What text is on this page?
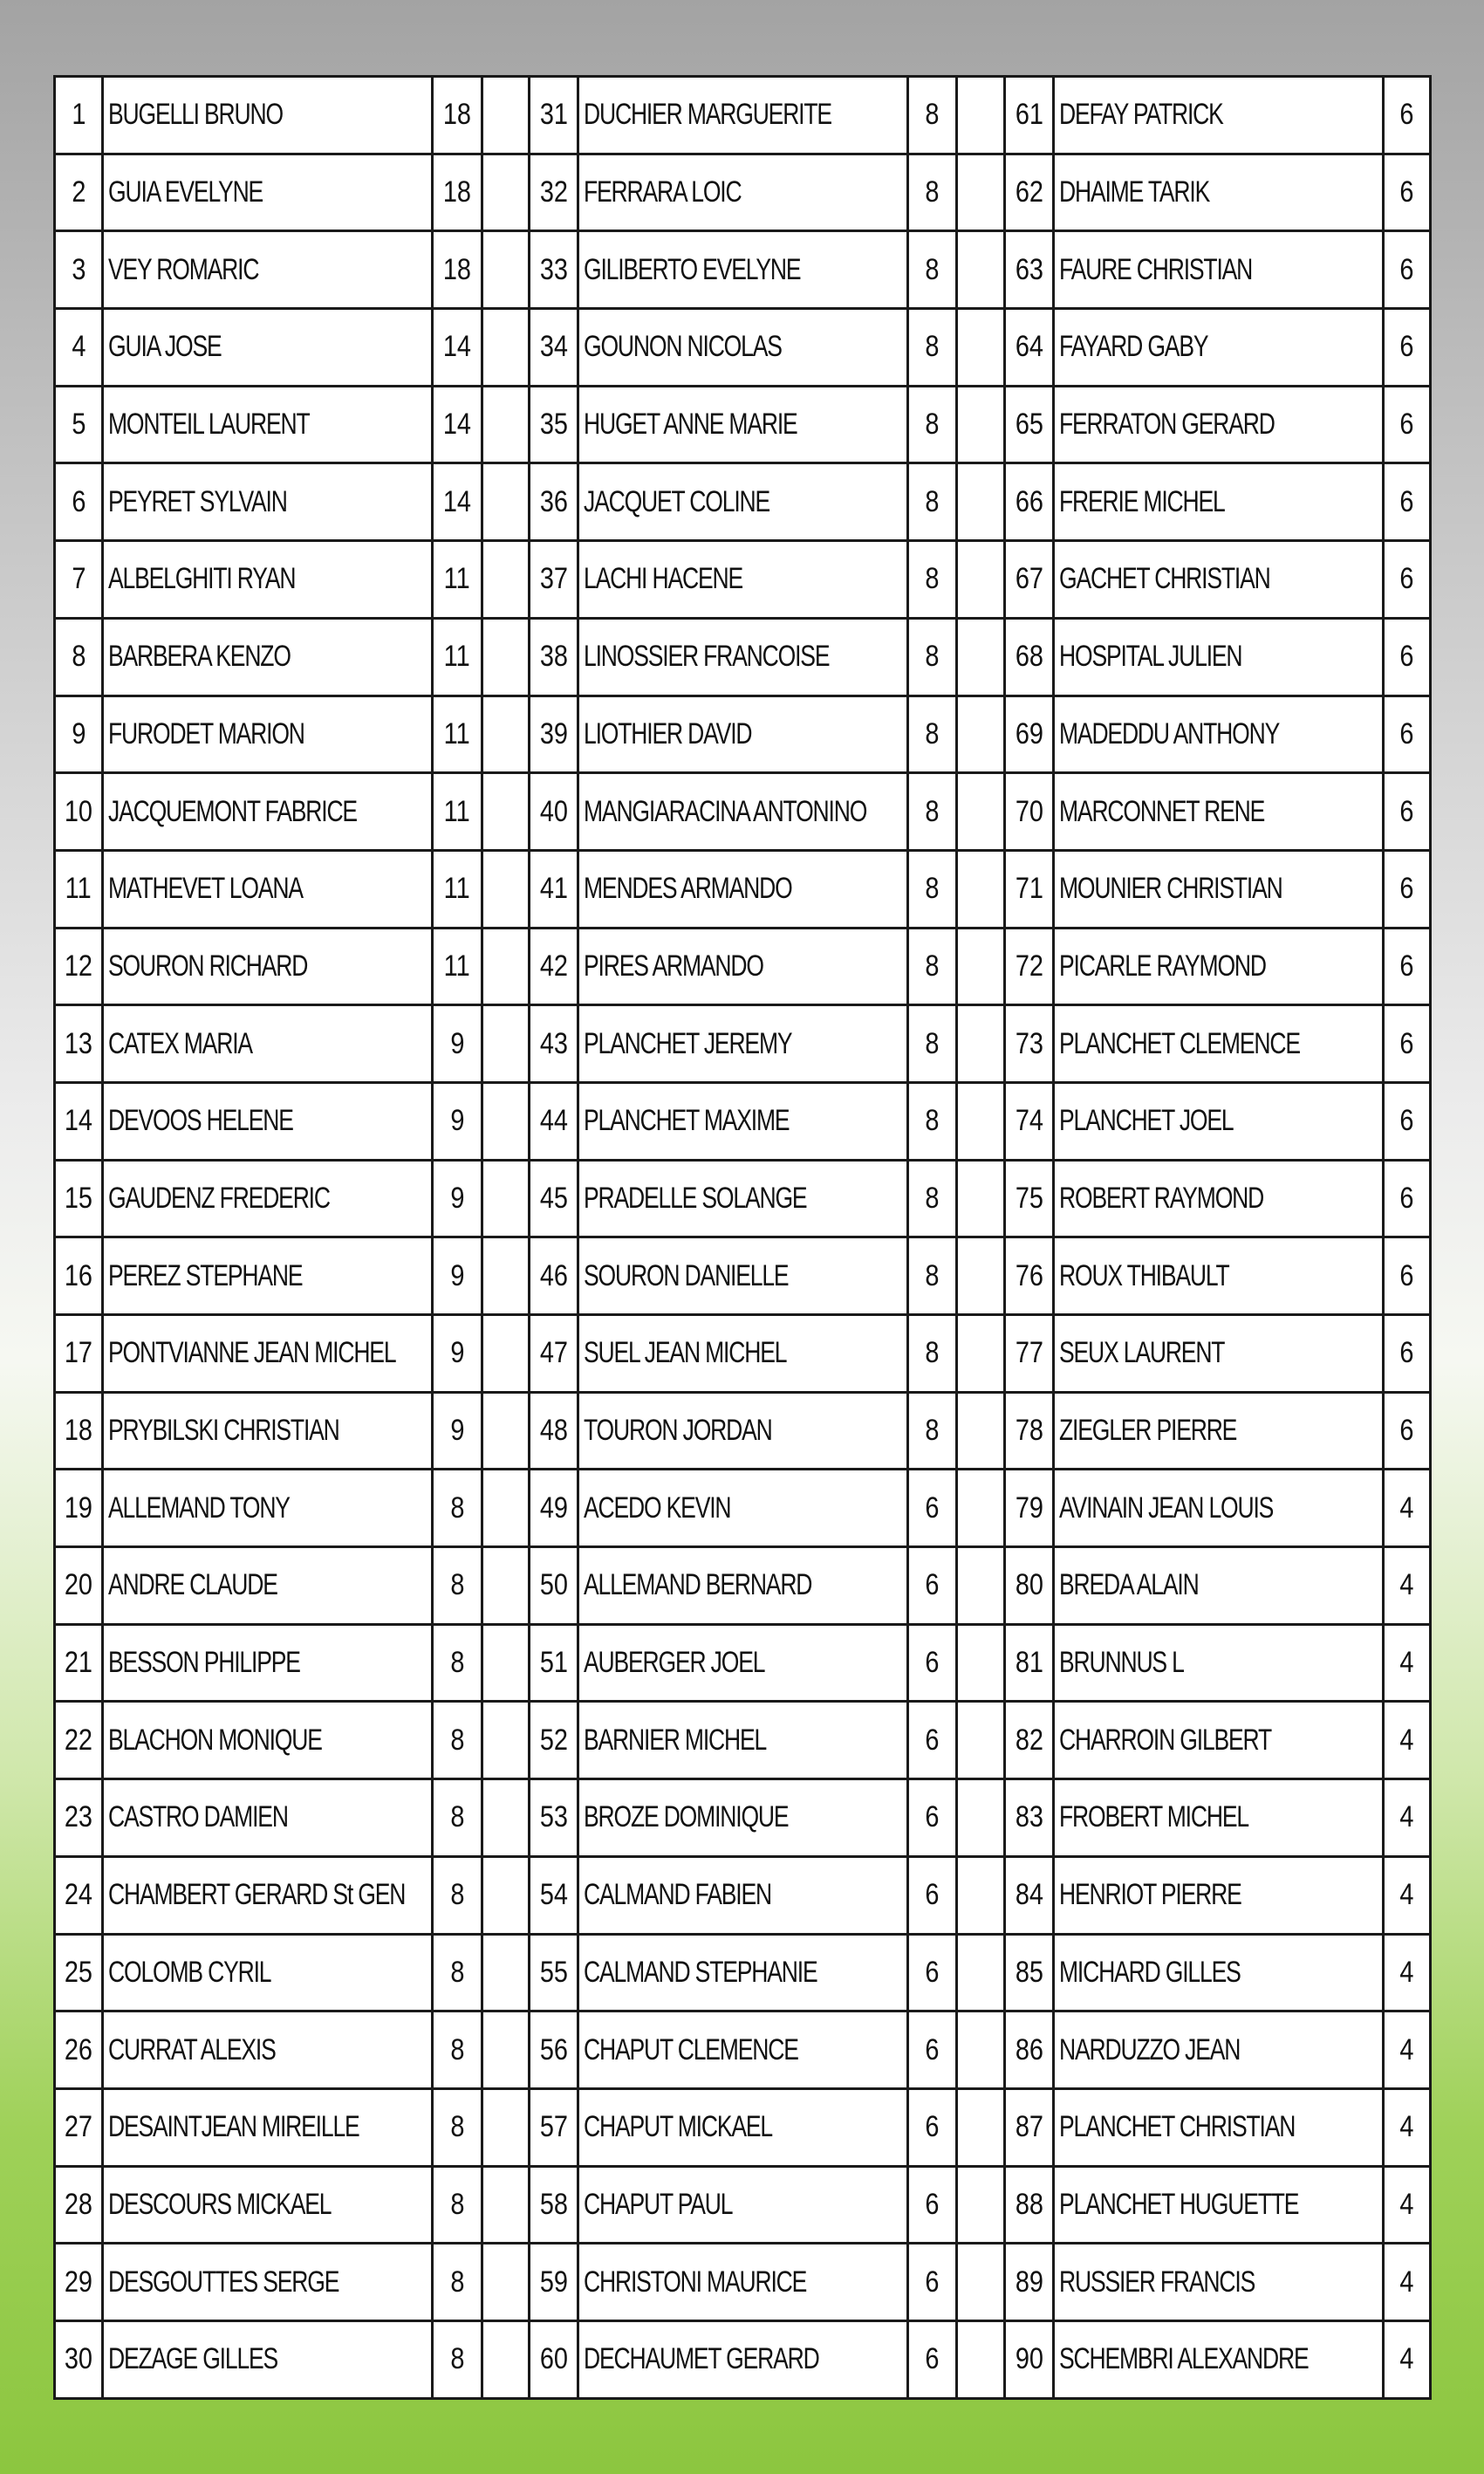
1	BUGELLI BRUNO	18		31	DUCHIER MARGUERITE	8		61	DEFAY PATRICK	6
2	GUIA EVELYNE	18		32	FERRARA LOIC	8		62	DHAIME TARIK	6
3	VEY ROMARIC	18		33	GILIBERTO EVELYNE	8		63	FAURE CHRISTIAN	6
4	GUIA JOSE	14		34	GOUNON NICOLAS	8		64	FAYARD GABY	6
5	MONTEIL LAURENT	14		35	HUGET ANNE MARIE	8		65	FERRATON GERARD	6
6	PEYRET SYLVAIN	14		36	JACQUET COLINE	8		66	FRERIE MICHEL	6
7	ALBELGHITI RYAN	11		37	LACHI HACENE	8		67	GACHET CHRISTIAN	6
8	BARBERA KENZO	11		38	LINOSSIER FRANCOISE	8		68	HOSPITAL JULIEN	6
9	FURODET MARION	11		39	LIOTHIER DAVID	8		69	MADEDDU ANTHONY	6
10	JACQUEMONT FABRICE	11		40	MANGIARACINA ANTONINO	8		70	MARCONNET RENE	6
11	MATHEVET LOANA	11		41	MENDES ARMANDO	8		71	MOUNIER CHRISTIAN	6
12	SOURON RICHARD	11		42	PIRES ARMANDO	8		72	PICARLE RAYMOND	6
13	CATEX MARIA	9		43	PLANCHET JEREMY	8		73	PLANCHET CLEMENCE	6
14	DEVOOS HELENE	9		44	PLANCHET MAXIME	8		74	PLANCHET JOEL	6
15	GAUDENZ FREDERIC	9		45	PRADELLE SOLANGE	8		75	ROBERT RAYMOND	6
16	PEREZ STEPHANE	9		46	SOURON DANIELLE	8		76	ROUX THIBAULT	6
17	PONTVIANNE JEAN MICHEL	9		47	SUEL JEAN MICHEL	8		77	SEUX LAURENT	6
18	PRYBILSKI CHRISTIAN	9		48	TOURON JORDAN	8		78	ZIEGLER PIERRE	6
19	ALLEMAND TONY	8		49	ACEDO KEVIN	6		79	AVINAIN JEAN LOUIS	4
20	ANDRE CLAUDE	8		50	ALLEMAND BERNARD	6		80	BREDA ALAIN	4
21	BESSON PHILIPPE	8		51	AUBERGER JOEL	6		81	BRUNNUS L	4
22	BLACHON MONIQUE	8		52	BARNIER MICHEL	6		82	CHARROIN GILBERT	4
23	CASTRO DAMIEN	8		53	BROZE DOMINIQUE	6		83	FROBERT MICHEL	4
24	CHAMBERT GERARD St GEN	8		54	CALMAND FABIEN	6		84	HENRIOT PIERRE	4
25	COLOMB CYRIL	8		55	CALMAND STEPHANIE	6		85	MICHARD GILLES	4
26	CURRAT ALEXIS	8		56	CHAPUT CLEMENCE	6		86	NARDUZZO JEAN	4
27	DESAINTJEAN MIREILLE	8		57	CHAPUT MICKAEL	6		87	PLANCHET CHRISTIAN	4
28	DESCOURS MICKAEL	8		58	CHAPUT PAUL	6		88	PLANCHET HUGUETTE	4
29	DESGOUTTES SERGE	8		59	CHRISTONI MAURICE	6		89	RUSSIER FRANCIS	4
30	DEZAGE GILLES	8		60	DECHAUMET GERARD	6		90	SCHEMBRI ALEXANDRE	4
